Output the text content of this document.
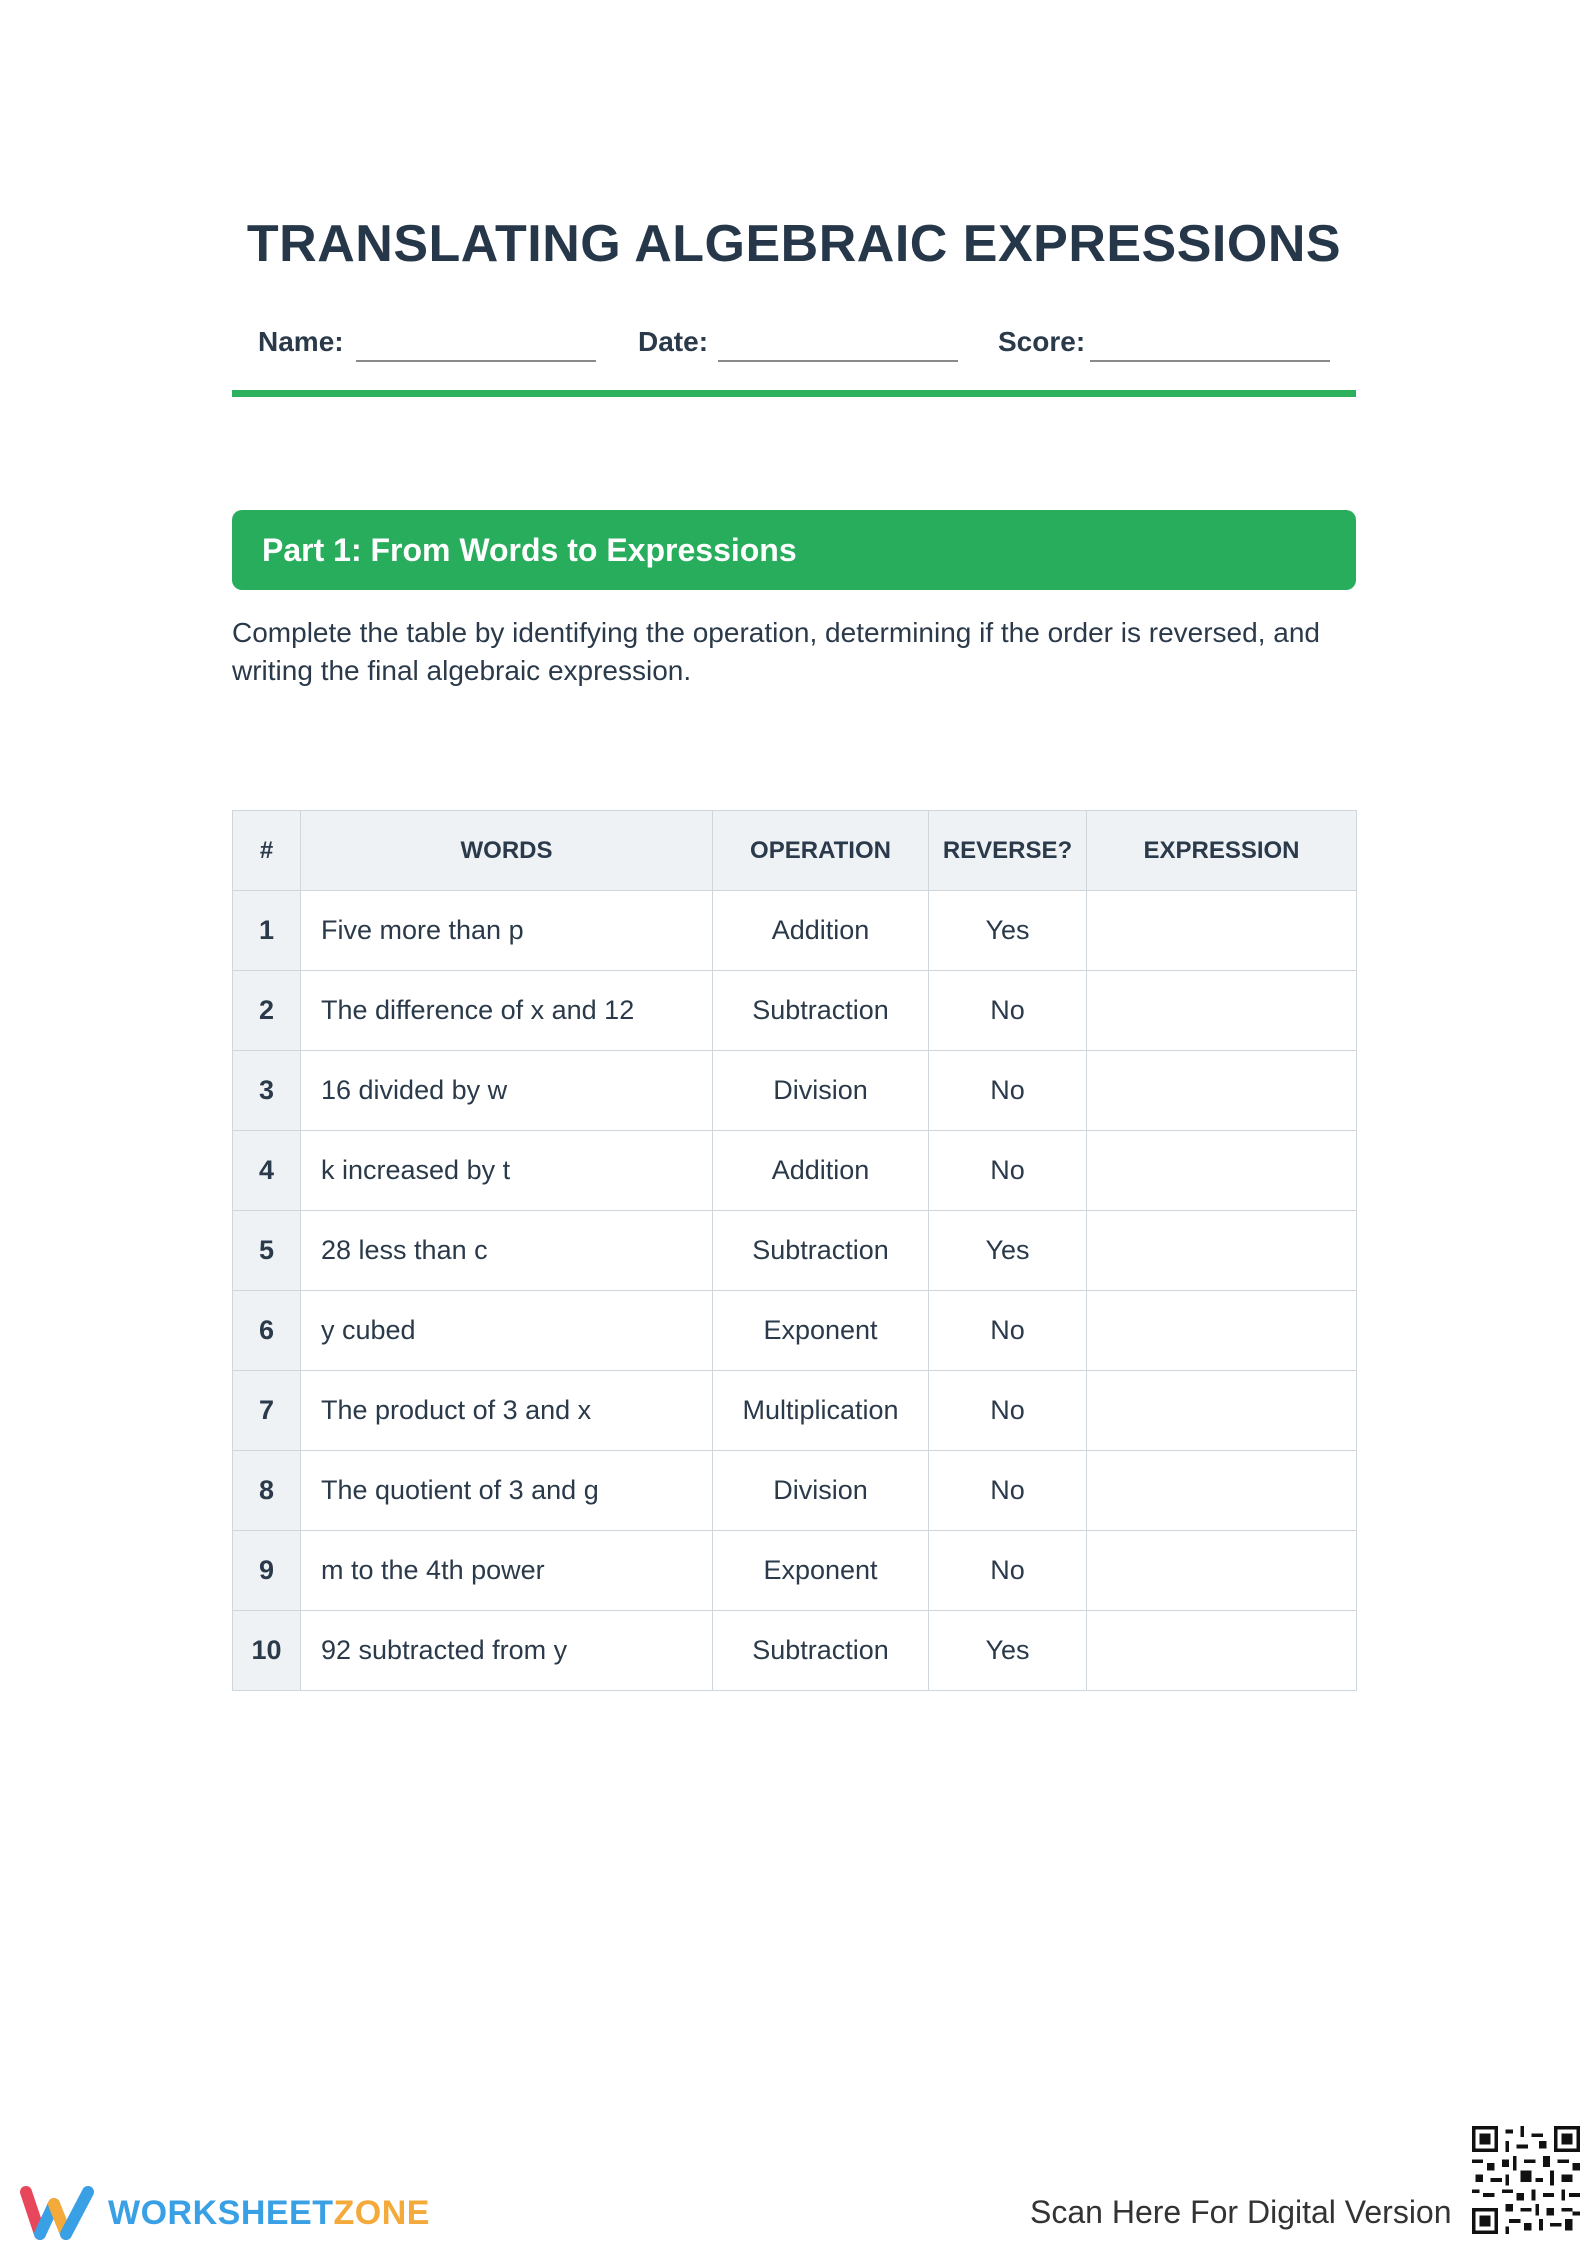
TRANSLATING ALGEBRAIC EXPRESSIONS
Name:	Date:	Score:
Part 1: From Words to Expressions
Complete the table by identifying the operation, determining if the order is reversed, and writing the final algebraic expression.
#	WORDS	OPERATION	REVERSE?	EXPRESSION
1	Five more than p	Addition	Yes	
2	The difference of x and 12	Subtraction	No	
3	16 divided by w	Division	No	
4	k increased by t	Addition	No	
5	28 less than c	Subtraction	Yes	
6	y cubed	Exponent	No	
7	The product of 3 and x	Multiplication	No	
8	The quotient of 3 and g	Division	No	
9	m to the 4th power	Exponent	No	
10	92 subtracted from y	Subtraction	Yes	
WORKSHEETZONE	Scan Here For Digital Version
